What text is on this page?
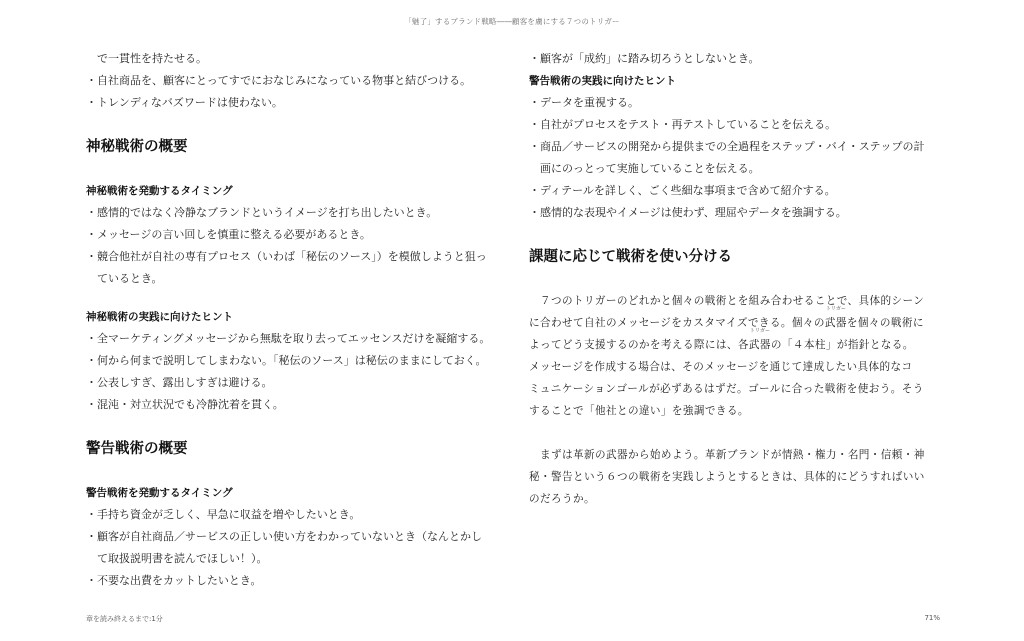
「魅了」するブランド戦略――顧客を虜にする７つのトリガー
　で一貫性を持たせる。
・自社商品を、顧客にとってすでにおなじみになっている物事と結びつける。
・トレンディなバズワードは使わない。
神秘戦術の概要
神秘戦術を発動するタイミング
・感情的ではなく冷静なブランドというイメージを打ち出したいとき。
・メッセージの言い回しを慎重に整える必要があるとき。
・競合他社が自社の専有プロセス（いわば「秘伝のソース」）を模倣しようと狙っ
　ているとき。
神秘戦術の実践に向けたヒント
・全マーケティングメッセージから無駄を取り去ってエッセンスだけを凝縮する。
・何から何まで説明してしまわない。「秘伝のソース」は秘伝のままにしておく。
・公表しすぎ、露出しすぎは避ける。
・混沌・対立状況でも冷静沈着を貫く。
警告戦術の概要
警告戦術を発動するタイミング
・手持ち資金が乏しく、早急に収益を増やしたいとき。
・顧客が自社商品／サービスの正しい使い方をわかっていないとき（なんとかし
　て取扱説明書を読んでほしい！）。
・不要な出費をカットしたいとき。
・顧客が「成約」に踏み切ろうとしないとき。
警告戦術の実践に向けたヒント
・データを重視する。
・自社がプロセスをテスト・再テストしていることを伝える。
・商品／サービスの開発から提供までの全過程をステップ・バイ・ステップの計
　画にのっとって実施していることを伝える。
・ディテールを詳しく、ごく些細な事項まで含めて紹介する。
・感情的な表現やイメージは使わず、理屈やデータを強調する。
課題に応じて戦術を使い分ける
　７つのトリガーのどれかと個々の戦術とを組み合わせることで、具体的シーン
に合わせて自社のメッセージをカスタマイズできる。個々の
トリガー
武器を個々の戦術に
よってどう支援するのかを考える際には、各
トリガー
武器の「４本柱」が指針となる。
メッセージを作成する場合は、そのメッセージを通じて達成したい具体的なコ
ミュニケーションゴールが必ずあるはずだ。ゴールに合った戦術を使おう。そう
することで「他社との違い」を強調できる。
　まずは革新の武器から始めよう。革新ブランドが情熱・権力・名門・信頼・神
秘・警告という６つの戦術を実践しようとするときは、具体的にどうすればいい
のだろうか。
章を読み終えるまで:1分	71%
